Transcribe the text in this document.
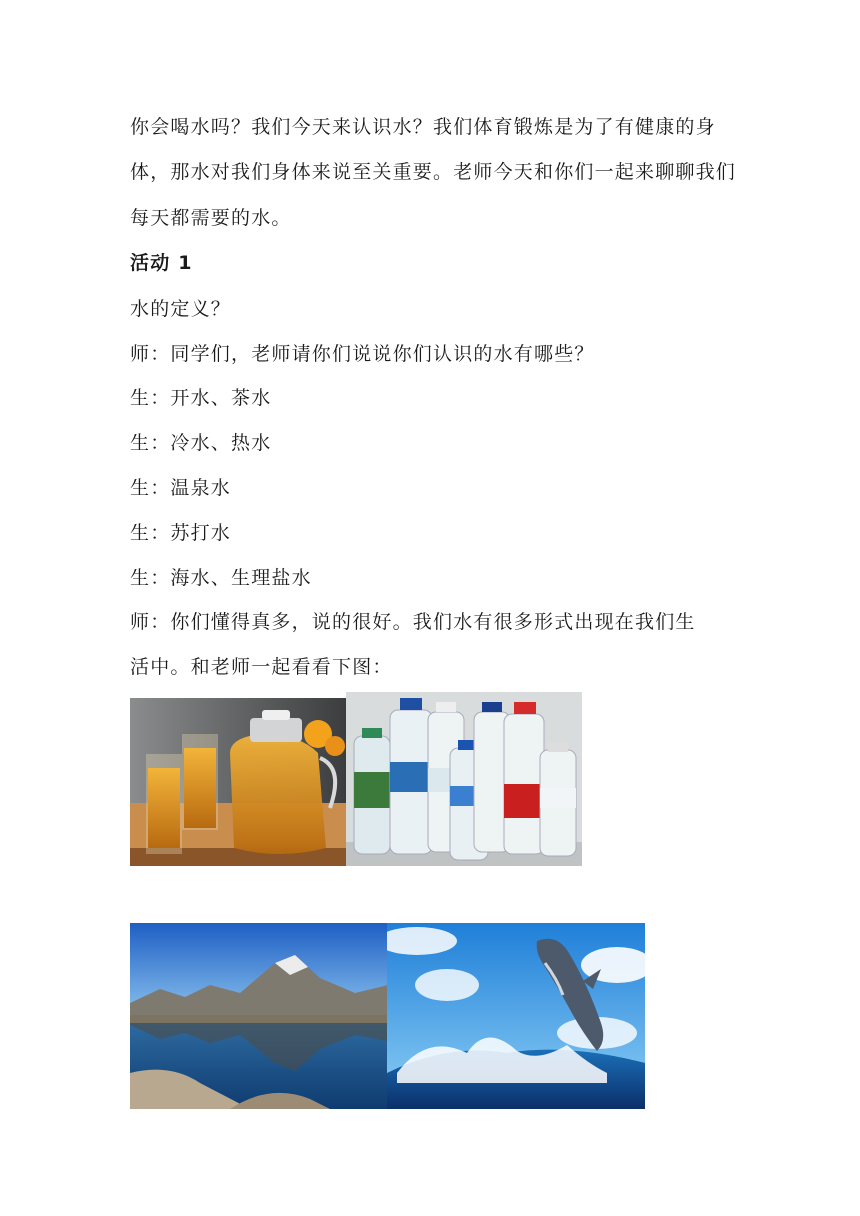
你会喝水吗？我们今天来认识水？我们体育锻炼是为了有健康的身
体，那水对我们身体来说至关重要。老师今天和你们一起来聊聊我们
每天都需要的水。
活动 1
水的定义？
师：同学们，老师请你们说说你们认识的水有哪些？
生：开水、茶水
生：冷水、热水
生：温泉水
生：苏打水
生：海水、生理盐水
师：你们懂得真多，说的很好。我们水有很多形式出现在我们生
活中。和老师一起看看下图：
